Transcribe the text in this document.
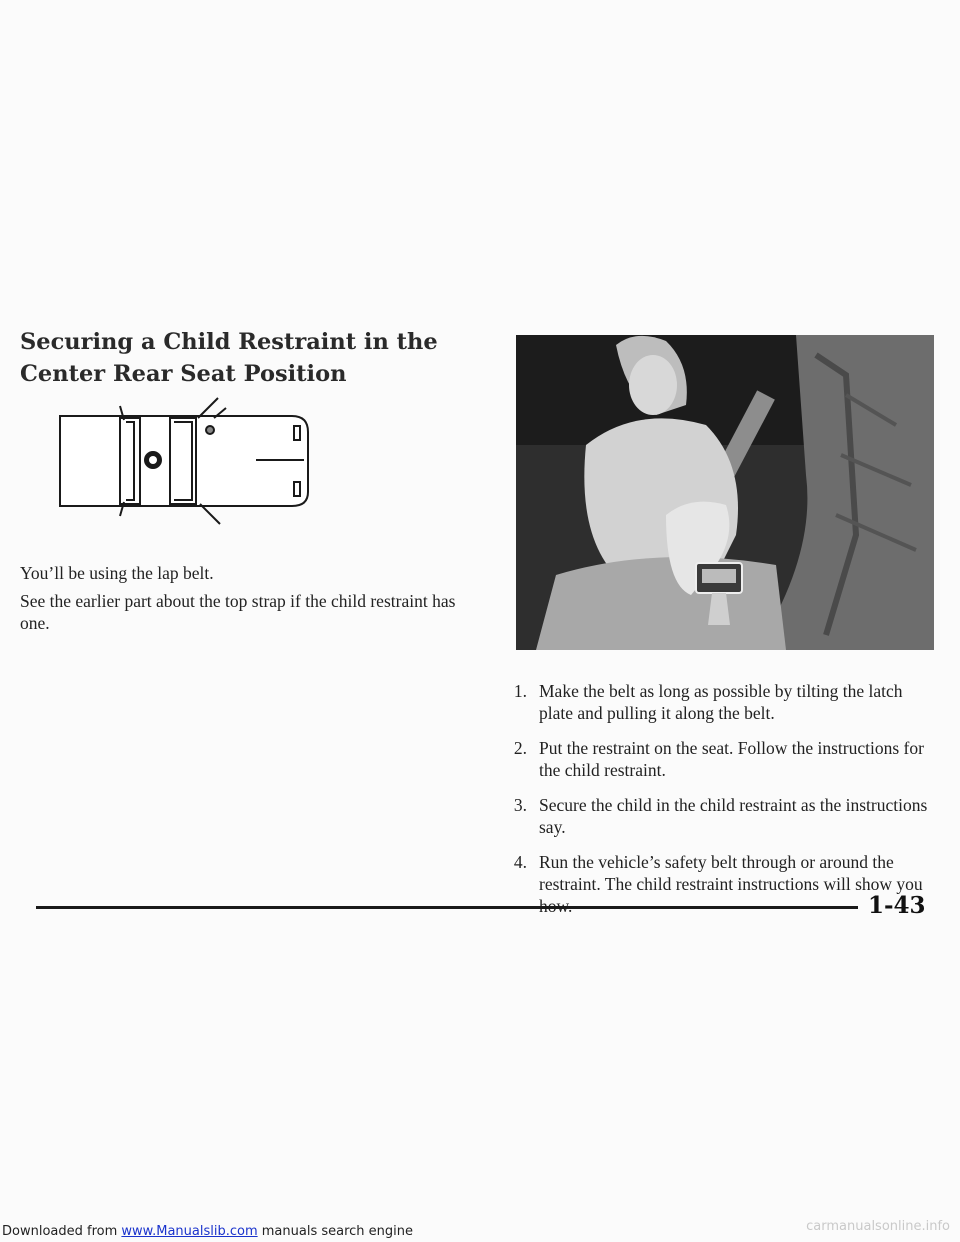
Securing a Child Restraint in the Center Rear Seat Position

You’ll be using the lap belt.

See the earlier part about the top strap if the child restraint has one.

1. Make the belt as long as possible by tilting the latch plate and pulling it along the belt.
2. Put the restraint on the seat. Follow the instructions for the child restraint.
3. Secure the child in the child restraint as the instructions say.
4. Run the vehicle’s safety belt through or around the restraint. The child restraint instructions will show you
1-43

Downloaded from www.Manualslib.com manuals search engine	carmanualsonline.info
